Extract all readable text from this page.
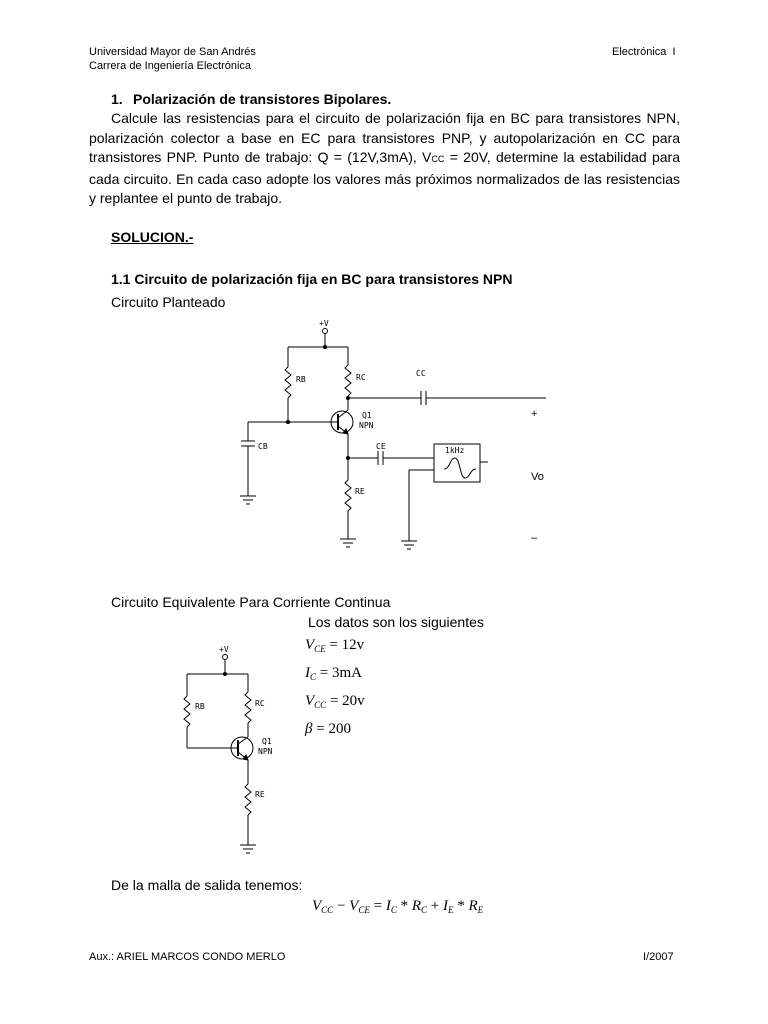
Universidad Mayor de San Andrés
Carrera de Ingeniería Electrónica
Electrónica  I
1. Polarización de transistores Bipolares.
Calcule las resistencias para el circuito de polarización fija en BC para transistores NPN, polarización colector a base en EC para transistores PNP, y autopolarización en CC para transistores PNP. Punto de trabajo: Q = (12V,3mA), VCC = 20V, determine la estabilidad para cada circuito. En cada caso adopte los valores más próximos normalizados de las resistencias y replantee el punto de trabajo.
SOLUCION.-
1.1 Circuito de polarización fija en BC para transistores NPN
Circuito Planteado
+V
RB	RC	CC
Q1
NPN
CB	CE	1kHz
RE
+
Vo
–
Circuito Equivalente Para Corriente Continua
Los datos son los siguientes
$V_{CE} = 12v$
$I_C = 3mA$
$V_{CC} = 20v$
β = 200
+V
RB	RC
Q1
NPN
RE
De la malla de salida tenemos:
$V_{CC} - V_{CE} = I_C * R_C + I_E * R_E$
Aux.: ARIEL MARCOS CONDO MERLO	I/2007
